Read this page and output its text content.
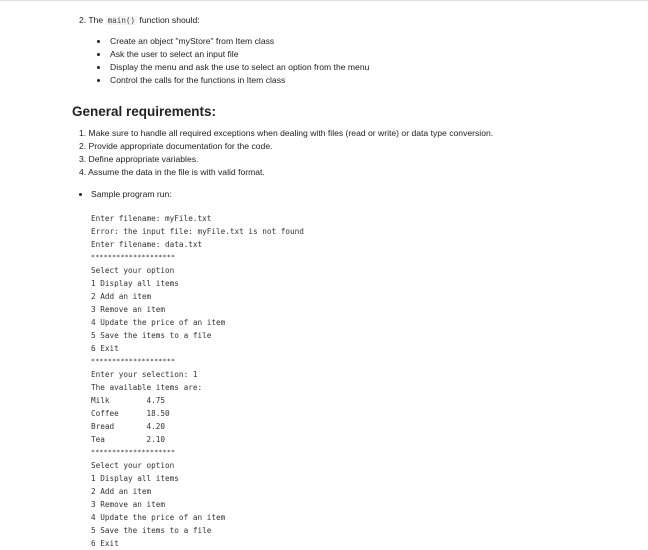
2. The main() function should:
Create an object "myStore" from Item class
Ask the user to select an input file
Display the menu and ask the use to select an option from the menu
Control the calls for the functions in Item class
General requirements:
1. Make sure to handle all required exceptions when dealing with files (read or write) or data type conversion.
2. Provide appropriate documentation for the code.
3. Define appropriate variables.
4. Assume the data in the file is with valid format.
Sample program run:
Enter filename: myFile.txt
Error: the input file: myFile.txt is not found
Enter filename: data.txt
********************
Select your option
1 Display all items
2 Add an item
3 Remove an item
4 Update the price of an item
5 Save the items to a file
6 Exit
********************
Enter your selection: 1
The available items are:
Milk        4.75
Coffee      18.50
Bread       4.20
Tea         2.10
********************
Select your option
1 Display all items
2 Add an item
3 Remove an item
4 Update the price of an item
5 Save the items to a file
6 Exit
